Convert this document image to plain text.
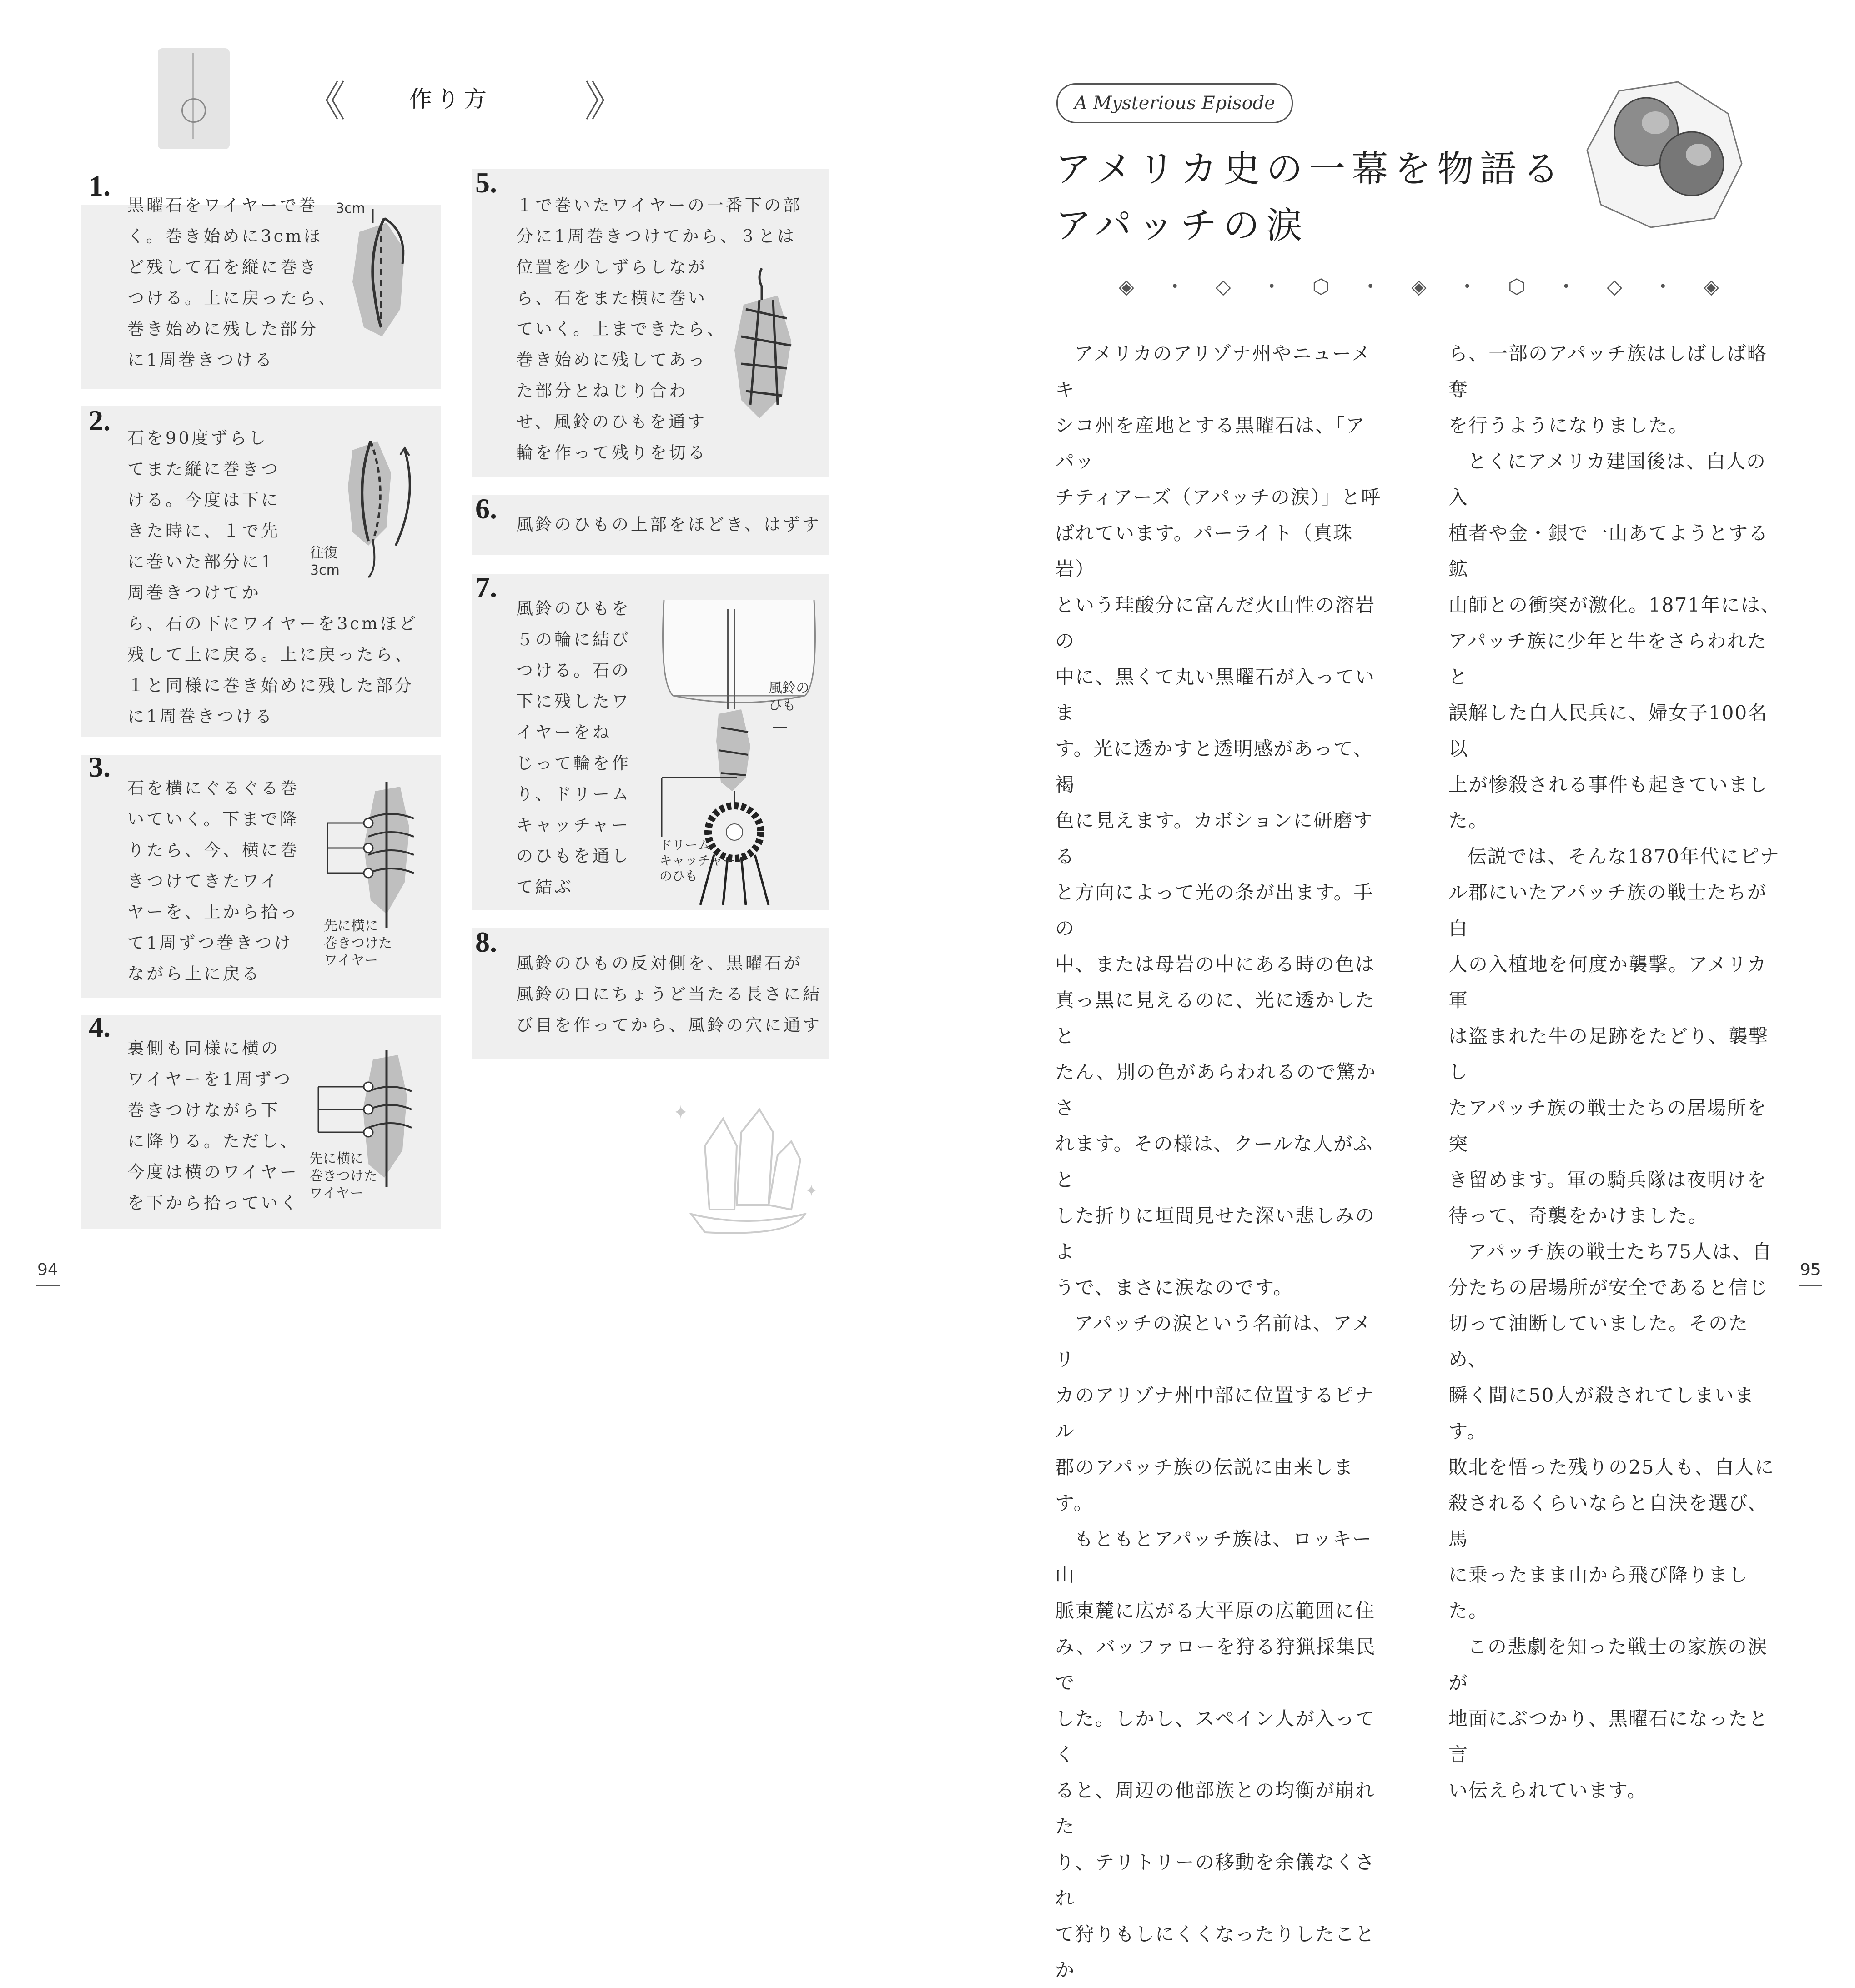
《	作り方 》
1.
黒曜石をワイヤーで巻
く。巻き始めに3cmほ
ど残して石を縦に巻き
つける。上に戻ったら、
巻き始めに残した部分
に1周巻きつける
3cm
2.
石を90度ずらし
てまた縦に巻きつ
ける。今度は下に
きた時に、１で先
に巻いた部分に1
周巻きつけてか
ら、石の下にワイヤーを3cmほど
残して上に戻る。上に戻ったら、
１と同様に巻き始めに残した部分
に1周巻きつける
往復
3cm
3.
石を横にぐるぐる巻
いていく。下まで降
りたら、今、横に巻
きつけてきたワイ
ヤーを、上から拾っ
て1周ずつ巻きつけ
ながら上に戻る
先に横に
巻きつけた
ワイヤー
4.
裏側も同様に横の
ワイヤーを1周ずつ
巻きつけながら下
に降りる。ただし、
今度は横のワイヤー
を下から拾っていく
先に横に
巻きつけた
ワイヤー
5.
１で巻いたワイヤーの一番下の部
分に1周巻きつけてから、３とは
位置を少しずらしなが
ら、石をまた横に巻い
ていく。上まできたら、
巻き始めに残してあっ
た部分とねじり合わ
せ、風鈴のひもを通す
輪を作って残りを切る
6. 風鈴のひもの上部をほどき、はずす
7.
風鈴のひもを
５の輪に結び
つける。石の
下に残したワ
イヤーをね
じって輪を作
り、ドリーム
キャッチャー
のひもを通し
て結ぶ
風鈴の
ひも
ドリーム
キャッチャー
のひも
8.
風鈴のひもの反対側を、黒曜石が
風鈴の口にちょうど当たる長さに結
び目を作ってから、風鈴の穴に通す
✦
✦
94
A Mysterious Episode
アメリカ史の一幕を物語る
アパッチの涙
◈	• ◇	• ⬡	• ◈	• ⬡	• ◇	• ◈

アメリカのアリゾナ州やニューメキ
シコ州を産地とする黒曜石は、「アパッ
チティアーズ（アパッチの涙）」と呼
ばれています。パーライト（真珠岩）
という珪酸分に富んだ火山性の溶岩の
中に、黒くて丸い黒曜石が入っていま
す。光に透かすと透明感があって、褐
色に見えます。カボションに研磨する
と方向によって光の条が出ます。手の
中、または母岩の中にある時の色は
真っ黒に見えるのに、光に透かしたと
たん、別の色があらわれるので驚かさ
れます。その様は、クールな人がふと
した折りに垣間見せた深い悲しみのよ
うで、まさに涙なのです。

アパッチの涙という名前は、アメリ
カのアリゾナ州中部に位置するピナル
郡のアパッチ族の伝説に由来します。

もともとアパッチ族は、ロッキー山
脈東麓に広がる大平原の広範囲に住
み、バッファローを狩る狩猟採集民で
した。しかし、スペイン人が入ってく
ると、周辺の他部族との均衡が崩れた
り、テリトリーの移動を余儀なくされ
て狩りもしにくくなったりしたことか

ら、一部のアパッチ族はしばしば略奪
を行うようになりました。

とくにアメリカ建国後は、白人の入
植者や金・銀で一山あてようとする鉱
山師との衝突が激化。1871年には、
アパッチ族に少年と牛をさらわれたと
誤解した白人民兵に、婦女子100名以
上が惨殺される事件も起きていました。

伝説では、そんな1870年代にピナ
ル郡にいたアパッチ族の戦士たちが白
人の入植地を何度か襲撃。アメリカ軍
は盗まれた牛の足跡をたどり、襲撃し
たアパッチ族の戦士たちの居場所を突
き留めます。軍の騎兵隊は夜明けを
待って、奇襲をかけました。

アパッチ族の戦士たち75人は、自
分たちの居場所が安全であると信じ
切って油断していました。そのため、
瞬く間に50人が殺されてしまいます。
敗北を悟った残りの25人も、白人に
殺されるくらいならと自決を選び、馬
に乗ったまま山から飛び降りました。

この悲劇を知った戦士の家族の涙が
地面にぶつかり、黒曜石になったと言
い伝えられています。

95
